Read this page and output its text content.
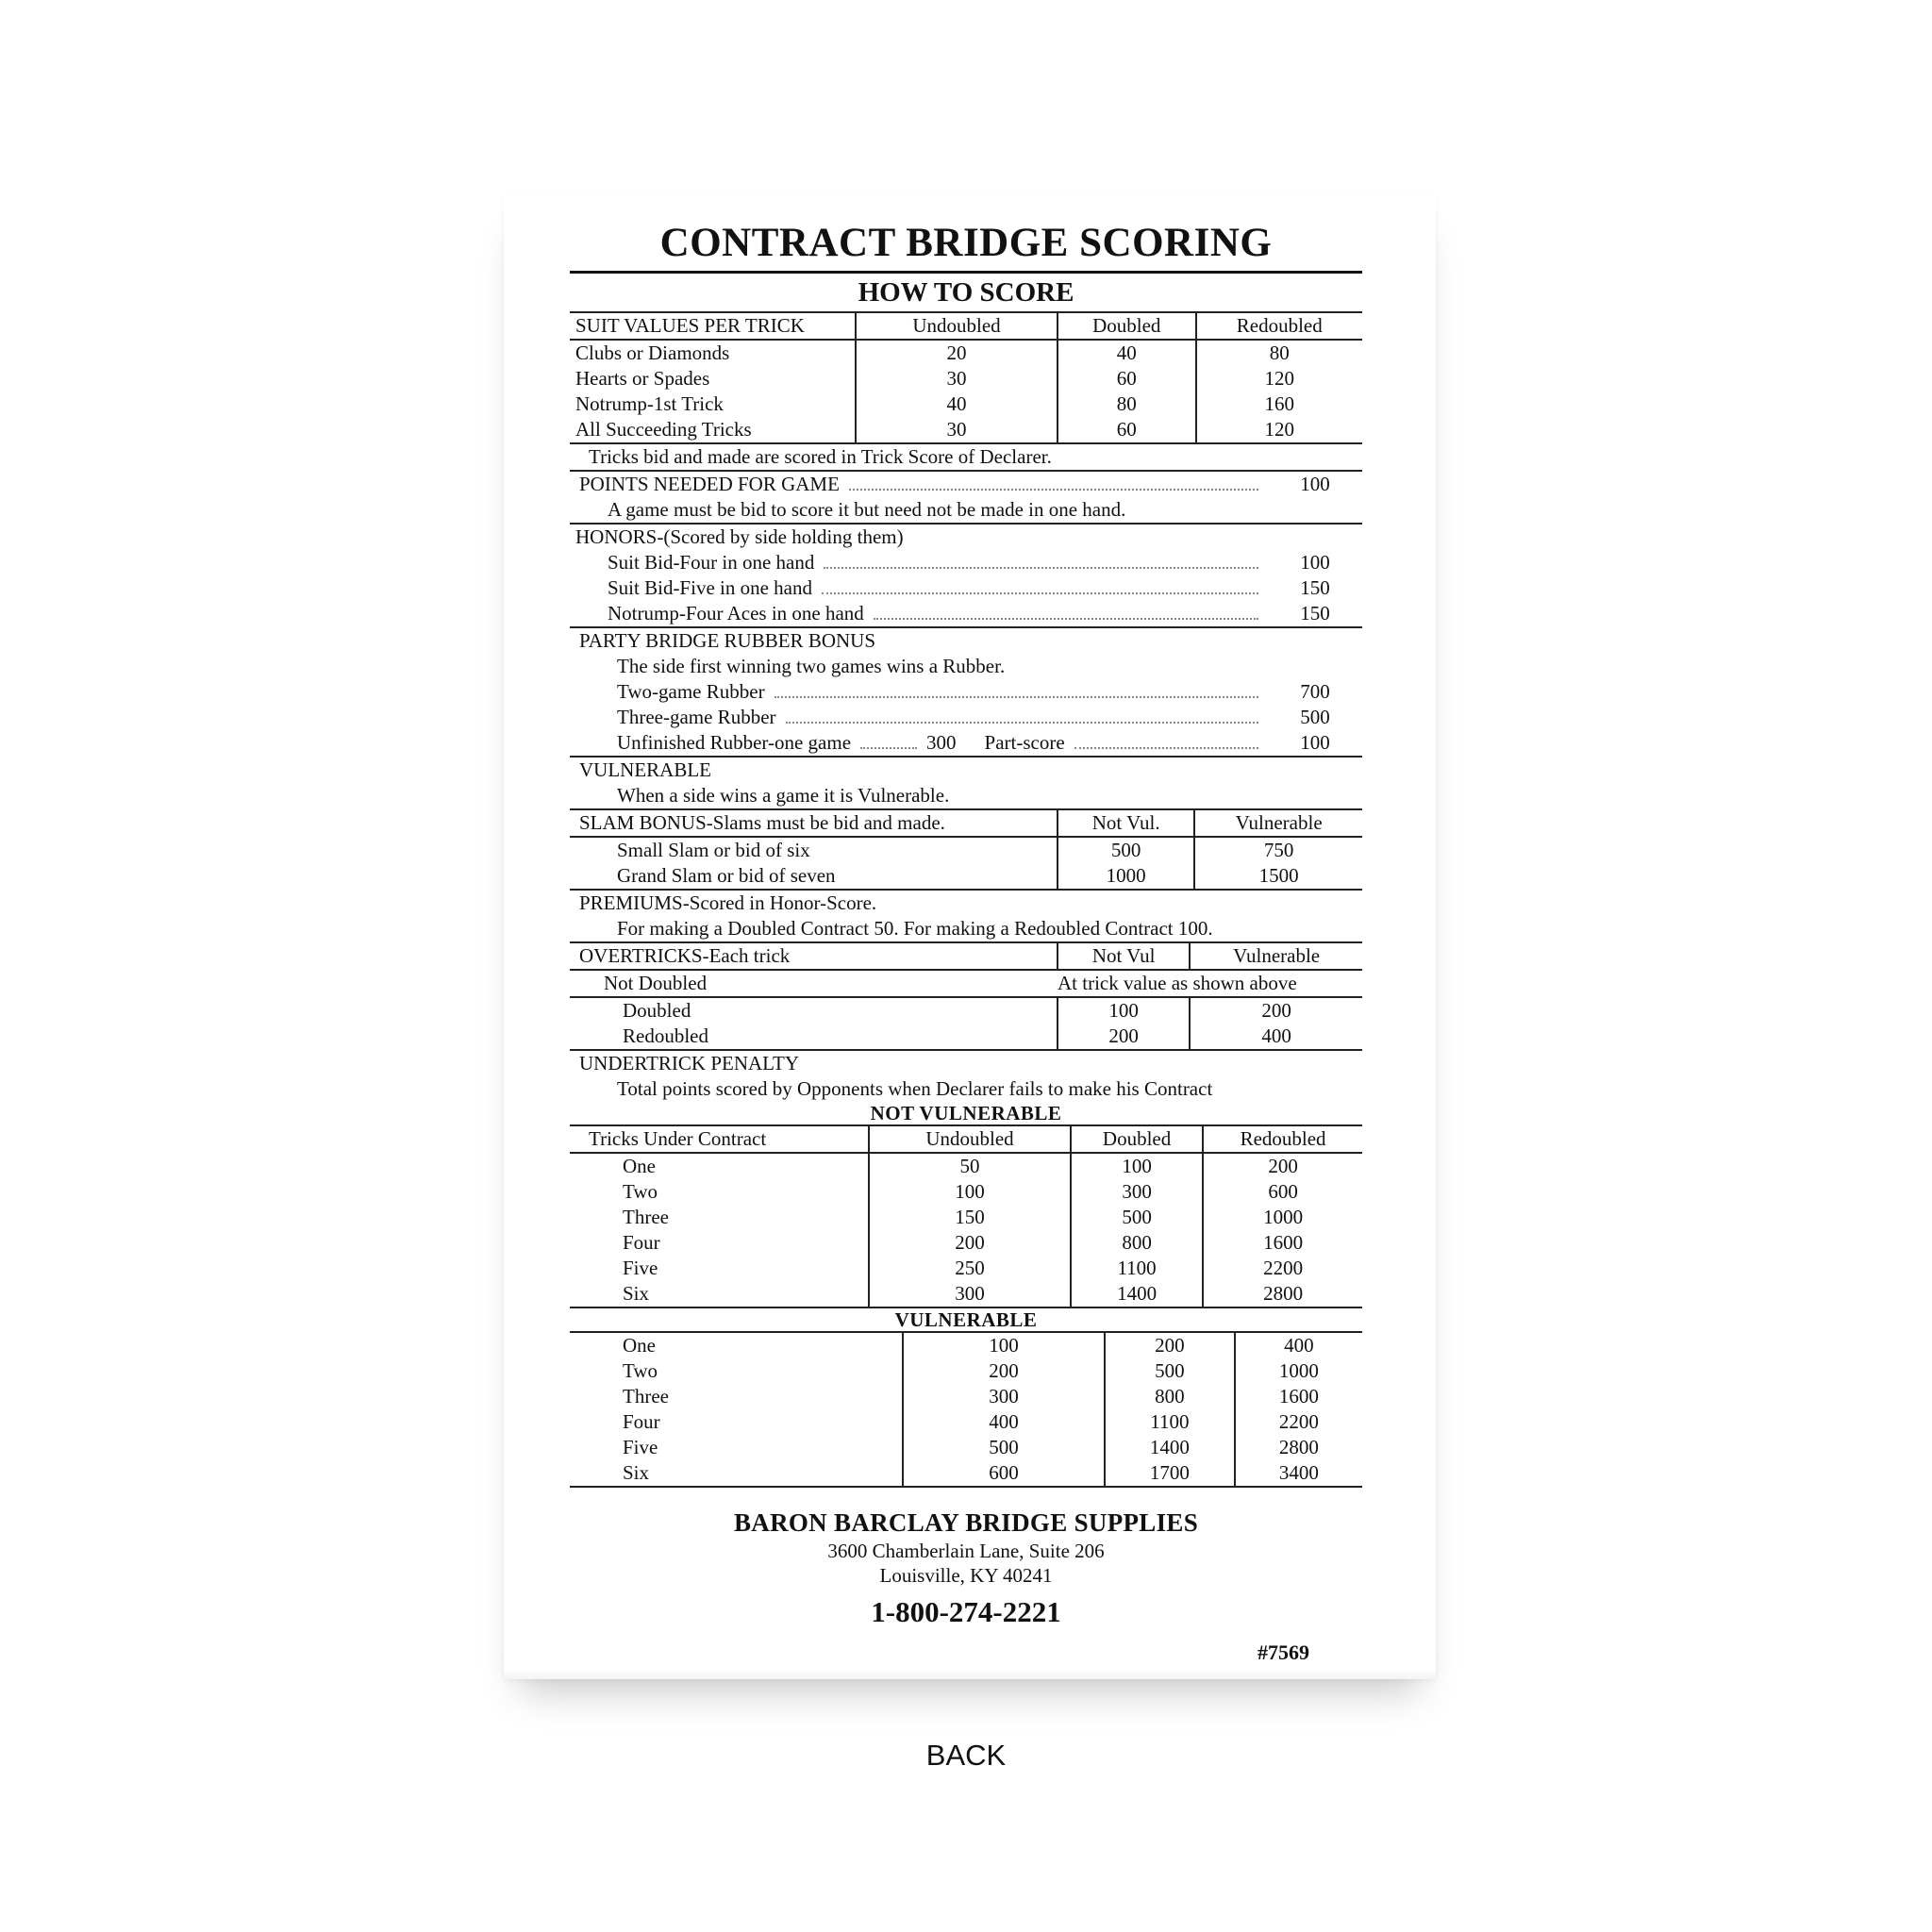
CONTRACT BRIDGE SCORING
HOW TO SCORE
SUIT VALUES PER TRICK	Undoubled	Doubled	Redoubled
Clubs or Diamonds	20	40	80
Hearts or Spades	30	60	120
Notrump-1st Trick	40	80	160
All Succeeding Tricks	30	60	120
Tricks bid and made are scored in Trick Score of Declarer.
POINTS NEEDED FOR GAME	100
A game must be bid to score it but need not be made in one hand.
HONORS-(Scored by side holding them)
Suit Bid-Four in one hand	100
Suit Bid-Five in one hand	150
Notrump-Four Aces in one hand	150
PARTY BRIDGE RUBBER BONUS
The side first winning two games wins a Rubber.
Two-game Rubber	700
Three-game Rubber	500
Unfinished Rubber-one game	300 Part-score	100
VULNERABLE
When a side wins a game it is Vulnerable.
SLAM BONUS-Slams must be bid and made.	Not Vul.	Vulnerable
Small Slam or bid of six	500	750
Grand Slam or bid of seven	1000	1500
PREMIUMS-Scored in Honor-Score.
For making a Doubled Contract 50. For making a Redoubled Contract 100.
OVERTRICKS-Each trick	Not Vul	Vulnerable
Not Doubled	At trick value as shown above	
Doubled	100	200
Redoubled	200	400
UNDERTRICK PENALTY
Total points scored by Opponents when Declarer fails to make his Contract
NOT VULNERABLE
Tricks Under Contract	Undoubled	Doubled	Redoubled
One	50	100	200
Two	100	300	600
Three	150	500	1000
Four	200	800	1600
Five	250	1100	2200
Six	300	1400	2800
VULNERABLE
One	100	200	400
Two	200	500	1000
Three	300	800	1600
Four	400	1100	2200
Five	500	1400	2800
Six	600	1700	3400
BARON BARCLAY BRIDGE SUPPLIES
3600 Chamberlain Lane, Suite 206
Louisville, KY 40241
1-800-274-2221
#7569
BACK
